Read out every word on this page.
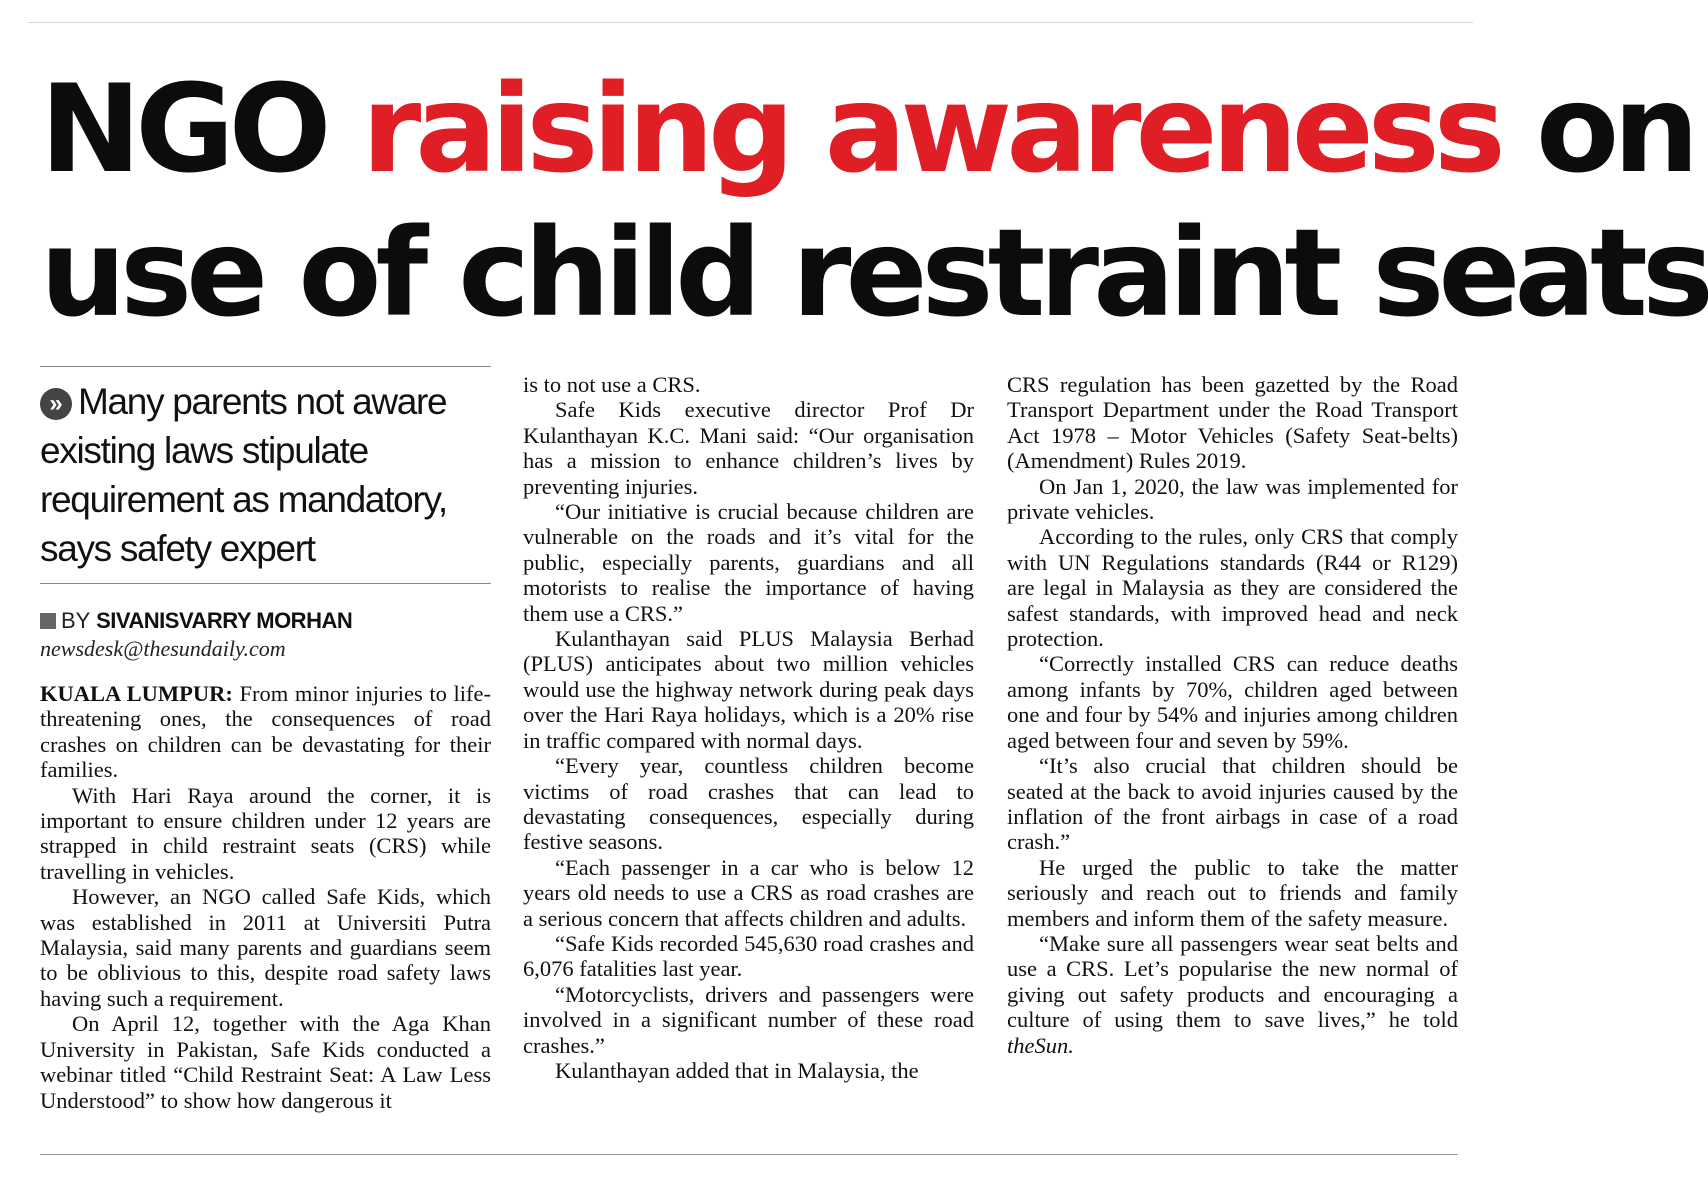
NGO raising awareness on
use of child restraint seats
» Many parents not aware existing laws stipulate requirement as mandatory, says safety expert
BY SIVANISVARRY MORHAN
newsdesk@thesundaily.com

KUALA LUMPUR: From minor injuries to life-threatening ones, the consequences of road crashes on children can be devastating for their families.

With Hari Raya around the corner, it is important to ensure children under 12 years are strapped in child restraint seats (CRS) while travelling in vehicles.

However, an NGO called Safe Kids, which was established in 2011 at Universiti Putra Malaysia, said many parents and guardians seem to be oblivious to this, despite road safety laws having such a requirement.

On April 12, together with the Aga Khan University in Pakistan, Safe Kids conducted a webinar titled “Child Restraint Seat: A Law Less Understood” to show how dangerous it

is to not use a CRS.

Safe Kids executive director Prof Dr Kulanthayan K.C. Mani said: “Our organisation has a mission to enhance children’s lives by preventing injuries.

“Our initiative is crucial because children are vulnerable on the roads and it’s vital for the public, especially parents, guardians and all motorists to realise the importance of having them use a CRS.”

Kulanthayan said PLUS Malaysia Berhad (PLUS) anticipates about two million vehicles would use the highway network during peak days over the Hari Raya holidays, which is a 20% rise in traffic compared with normal days.

“Every year, countless children become victims of road crashes that can lead to devastating consequences, especially during festive seasons.

“Each passenger in a car who is below 12 years old needs to use a CRS as road crashes are a serious concern that affects children and adults.

“Safe Kids recorded 545,630 road crashes and 6,076 fatalities last year.

“Motorcyclists, drivers and passengers were involved in a significant number of these road crashes.”

Kulanthayan added that in Malaysia, the

CRS regulation has been gazetted by the Road Transport Department under the Road Transport Act 1978 – Motor Vehicles (Safety Seat-belts) (Amendment) Rules 2019.

On Jan 1, 2020, the law was implemented for private vehicles.

According to the rules, only CRS that comply with UN Regulations standards (R44 or R129) are legal in Malaysia as they are considered the safest standards, with improved head and neck protection.

“Correctly installed CRS can reduce deaths among infants by 70%, children aged between one and four by 54% and injuries among children aged between four and seven by 59%.

“It’s also crucial that children should be seated at the back to avoid injuries caused by the inflation of the front airbags in case of a road crash.”

He urged the public to take the matter seriously and reach out to friends and family members and inform them of the safety measure.

“Make sure all passengers wear seat belts and use a CRS. Let’s popularise the new normal of giving out safety products and encouraging a culture of using them to save lives,” he told theSun.
